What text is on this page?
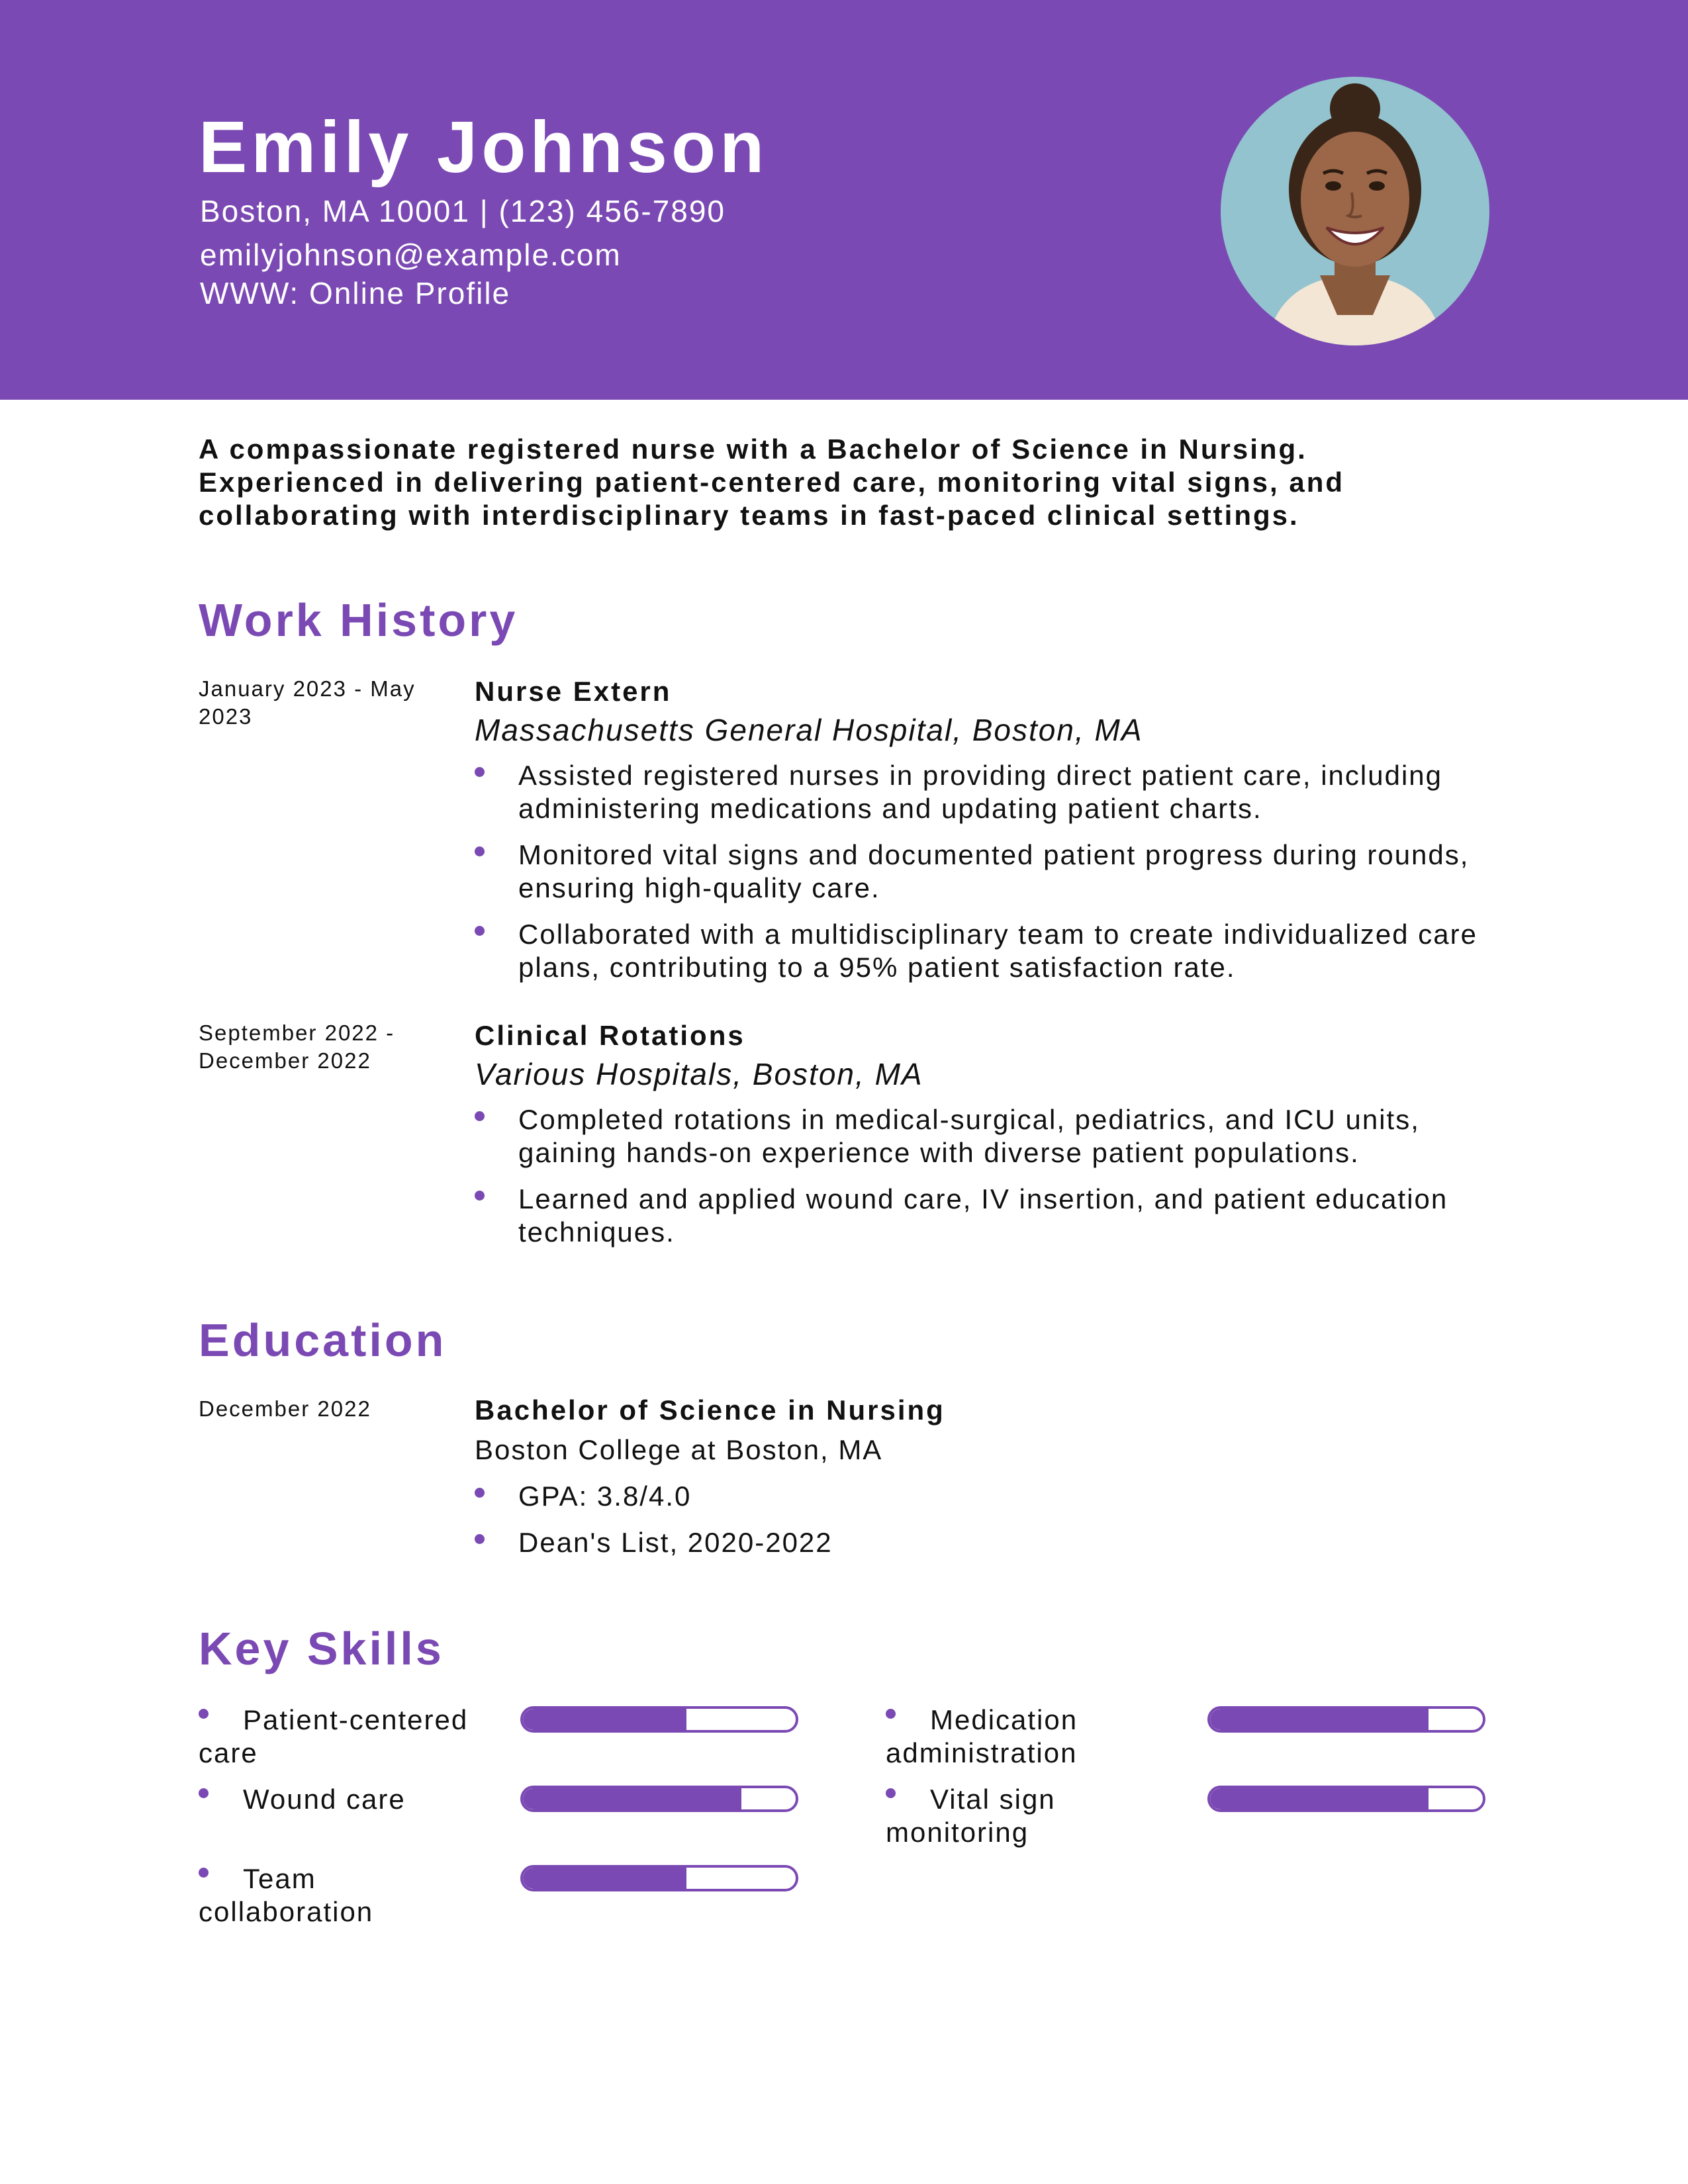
Emily Johnson

Boston, MA 10001 | (123) 456-7890

emilyjohnson@example.com

WWW: Online Profile

A compassionate registered nurse with a Bachelor of Science in Nursing. Experienced in delivering patient-centered care, monitoring vital signs, and collaborating with interdisciplinary teams in fast-paced clinical settings.

Work History

January 2023 - May 2023

Nurse Extern

Massachusetts General Hospital, Boston, MA

Assisted registered nurses in providing direct patient care, including administering medications and updating patient charts.
Monitored vital signs and documented patient progress during rounds, ensuring high-quality care.
Collaborated with a multidisciplinary team to create individualized care plans, contributing to a 95% patient satisfaction rate.

September 2022 - December 2022

Clinical Rotations

Various Hospitals, Boston, MA

Completed rotations in medical-surgical, pediatrics, and ICU units, gaining hands-on experience with diverse patient populations.
Learned and applied wound care, IV insertion, and patient education techniques.
Education

December 2022	Bachelor of Science in Nursing

Boston College at Boston, MA

GPA: 3.8/4.0
Dean's List, 2020-2022
Key Skills
Patient-centered care
Medication administration
Wound care	Vital sign monitoring
Team collaboration
